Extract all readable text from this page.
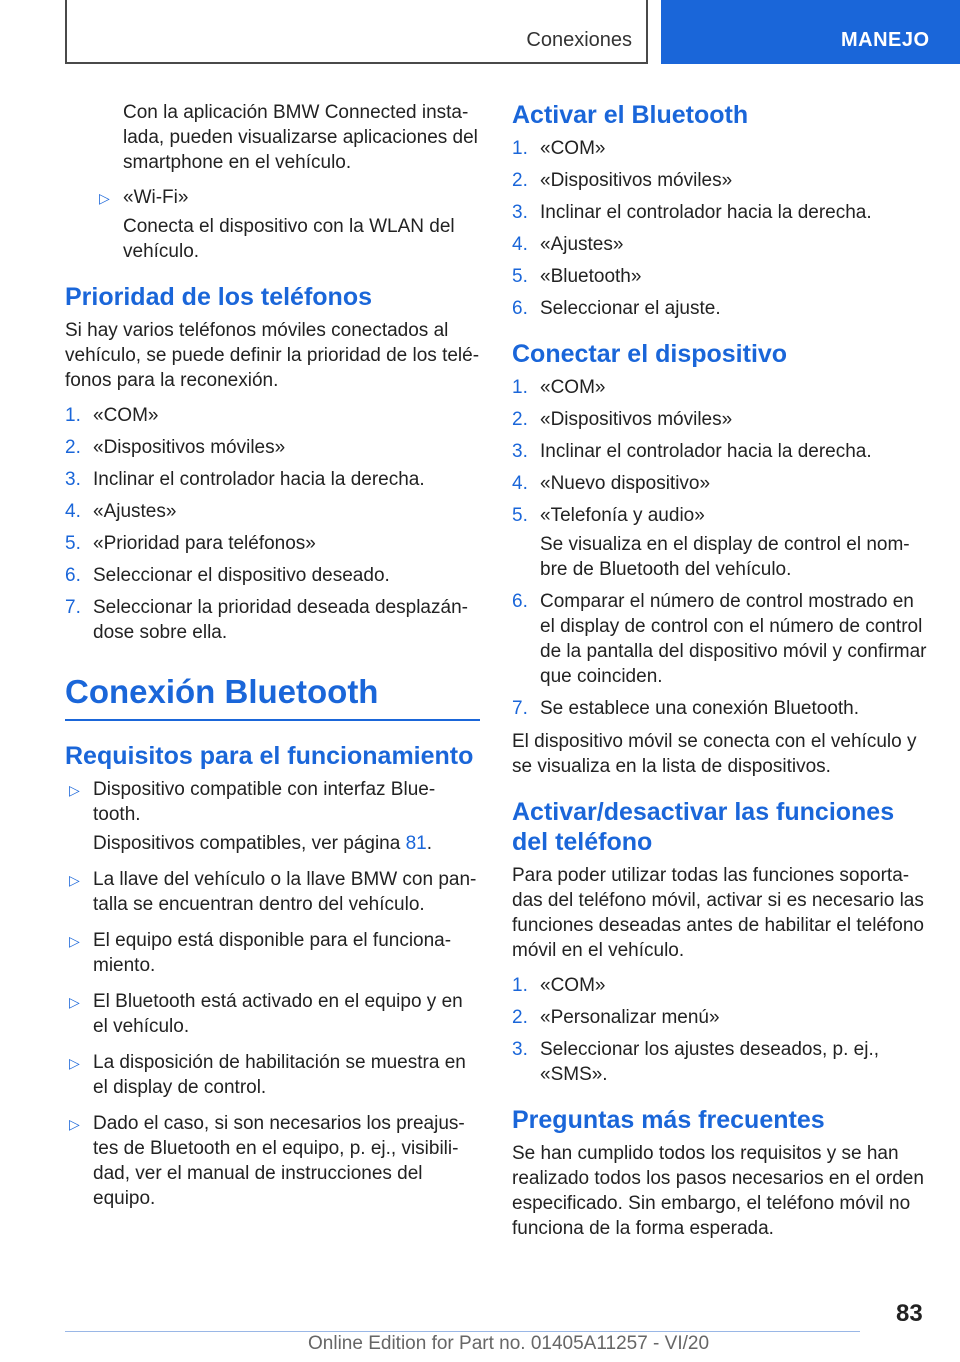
Conexiones	MANEJO

Con la aplicación BMW Connected insta-lada, pueden visualizarse aplicaciones del smartphone en el vehículo.

▷ «Wi-Fi»
Conecta el dispositivo con la WLAN del vehículo.
Prioridad de los teléfonos

Si hay varios teléfonos móviles conectados al vehículo, se puede definir la prioridad de los telé-fonos para la reconexión.

1. «COM»
2. «Dispositivos móviles»
3. Inclinar el controlador hacia la derecha.
4. «Ajustes»
5. «Prioridad para teléfonos»
6. Seleccionar el dispositivo deseado.
7. Seleccionar la prioridad deseada desplazán-dose sobre ella.
Conexión Bluetooth
Requisitos para el funcionamiento
▷ Dispositivo compatible con interfaz Blue-tooth.
Dispositivos compatibles, ver página 81.
▷ La llave del vehículo o la llave BMW con pan-talla se encuentran dentro del vehículo.
▷ El equipo está disponible para el funciona-miento.
▷ El Bluetooth está activado en el equipo y en el vehículo.
▷ La disposición de habilitación se muestra en el display de control.
▷ Dado el caso, si son necesarios los preajus-tes de Bluetooth en el equipo, p. ej., visibili-dad, ver el manual de instrucciones del equipo.
Activar el Bluetooth
1. «COM»
2. «Dispositivos móviles»
3. Inclinar el controlador hacia la derecha.
4. «Ajustes»
5. «Bluetooth»
6. Seleccionar el ajuste.
Conectar el dispositivo
1. «COM»
2. «Dispositivos móviles»
3. Inclinar el controlador hacia la derecha.
4. «Nuevo dispositivo»
5. «Telefonía y audio»
Se visualiza en el display de control el nom-bre de Bluetooth del vehículo.
6. Comparar el número de control mostrado en el display de control con el número de control de la pantalla del dispositivo móvil y confirmar que coinciden.
7. Se establece una conexión Bluetooth.

El dispositivo móvil se conecta con el vehículo y se visualiza en la lista de dispositivos.

Activar/desactivar las funciones del teléfono

Para poder utilizar todas las funciones soporta-das del teléfono móvil, activar si es necesario las funciones deseadas antes de habilitar el teléfono móvil en el vehículo.

1. «COM»
2. «Personalizar menú»
3. Seleccionar los ajustes deseados, p. ej., «SMS».
Preguntas más frecuentes

Se han cumplido todos los requisitos y se han realizado todos los pasos necesarios en el orden especificado. Sin embargo, el teléfono móvil no funciona de la forma esperada.

83
Online Edition for Part no. 01405A11257 - VI/20
